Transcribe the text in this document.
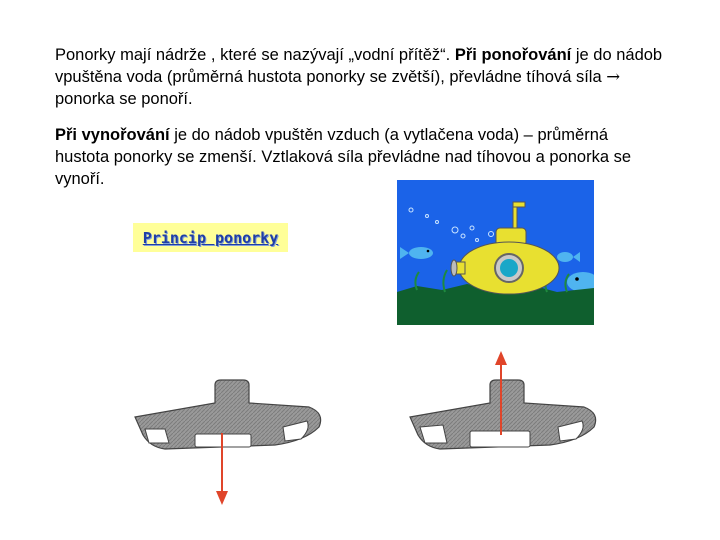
Ponorky mají nádrže , které se nazývají „vodní přítěž“. Při ponořování je do nádob vpuštěna voda (průměrná hustota ponorky se zvětší), převládne tíhová síla → ponorka se ponoří.

Při vynořování je do nádob vpuštěn vzduch (a vytlačena voda) – průměrná hustota ponorky se zmenší. Vztlaková síla převládne nad tíhovou a ponorka se vynoří.

Princip ponorky
